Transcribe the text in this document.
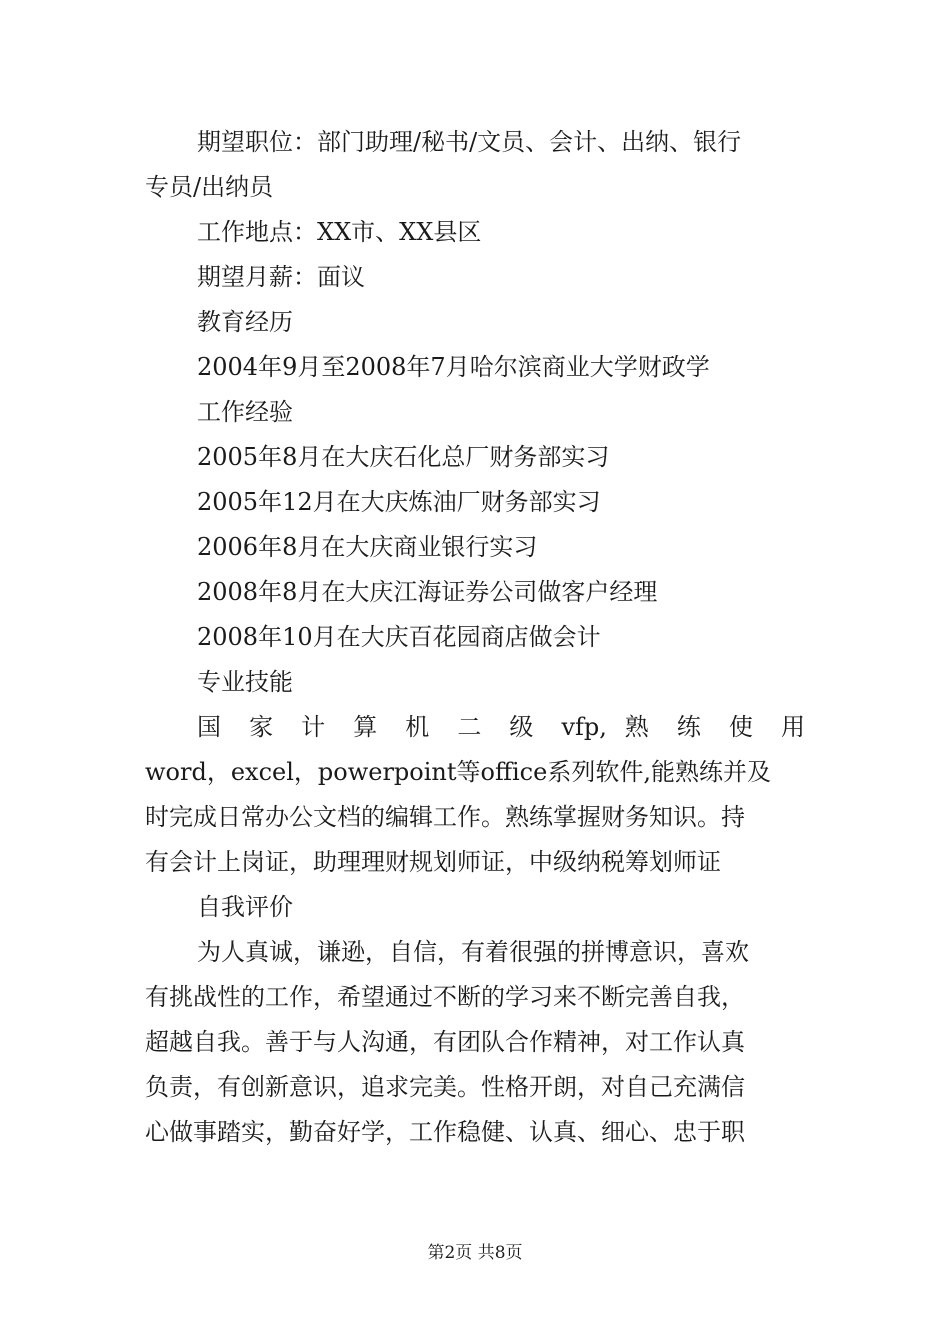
期望职位：部门助理/秘书/文员、会计、出纳、银行
专员/出纳员
工作地点：XX市、XX县区
期望月薪：面议
教育经历
2004年9月至2008年7月哈尔滨商业大学财政学
工作经验
2005年8月在大庆石化总厂财务部实习
2005年12月在大庆炼油厂财务部实习
2006年8月在大庆商业银行实习
2008年8月在大庆江海证券公司做客户经理
2008年10月在大庆百花园商店做会计
专业技能
国 家 计 算 机 二 级 vfp, 熟 练 使 用
word，excel，powerpoint等office系列软件,能熟练并及
时完成日常办公文档的编辑工作。熟练掌握财务知识。持
有会计上岗证，助理理财规划师证，中级纳税筹划师证
自我评价
为人真诚，谦逊，自信，有着很强的拼博意识，喜欢
有挑战性的工作，希望通过不断的学习来不断完善自我，
超越自我。善于与人沟通，有团队合作精神，对工作认真
负责，有创新意识，追求完美。性格开朗，对自己充满信
心做事踏实，勤奋好学，工作稳健、认真、细心、忠于职
第2页 共8页
